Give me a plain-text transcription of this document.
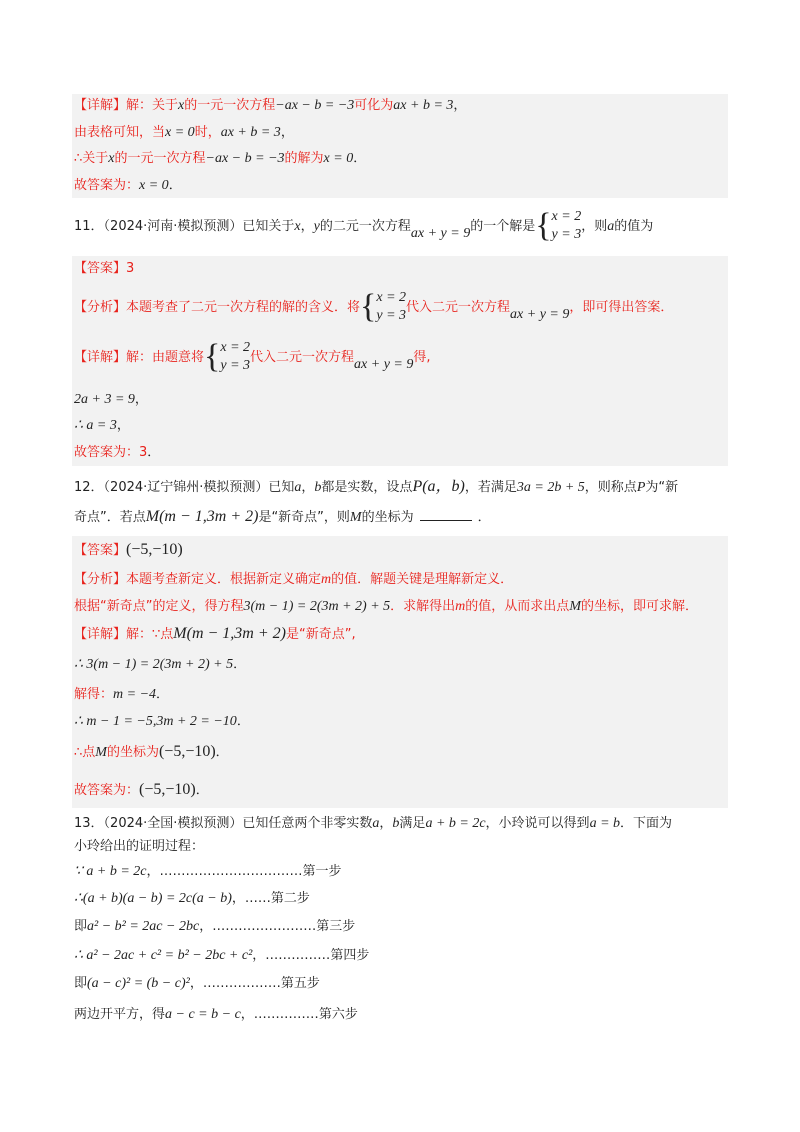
【详解】解：关于x的一元一次方程−ax − b = −3可化为ax + b = 3，
由表格可知，当x = 0时，ax + b = 3，
∴关于x的一元一次方程−ax − b = −3的解为x = 0．
故答案为：x = 0．
11．（2024·河南·模拟预测）已知关于x，y的二元一次方程ax + y = 9的一个解是{x = 2
y = 3，则a的值为
【答案】3
【分析】本题考查了二元一次方程的解的含义．将{x = 2
y = 3代入二元一次方程ax + y = 9，即可得出答案．
【详解】解：由题意将{x = 2
y = 3代入二元一次方程ax + y = 9得,
2a + 3 = 9，
∴ a = 3，
故答案为：3．
12．（2024·辽宁锦州·模拟预测）已知a，b都是实数，设点P(a，b)，若满足3a = 2b + 5，则称点P为“新
奇点”．若点M(m − 1,3m + 2)是“新奇点”，则M的坐标为	．
【答案】(−5,−10)
【分析】本题考查新定义．根据新定义确定m的值．解题关键是理解新定义．
根据“新奇点”的定义，得方程3(m − 1) = 2(3m + 2) + 5．求解得出m的值，从而求出点M的坐标，即可求解．
【详解】解：∵点M(m − 1,3m + 2)是“新奇点”,
∴ 3(m − 1) = 2(3m + 2) + 5．
解得：m = −4．
∴ m − 1 = −5,3m + 2 = −10．
∴点M的坐标为(−5,−10)．
故答案为：(−5,−10)．
13．（2024·全国·模拟预测）已知任意两个非零实数a，b满足a + b = 2c，小玲说可以得到a = b．下面为
小玲给出的证明过程：
∵ a + b = 2c，……………………………第一步
∴(a + b)(a − b) = 2c(a − b)，……第二步
即a² − b² = 2ac − 2bc，……………………第三步
∴ a² − 2ac + c² = b² − 2bc + c²，……………第四步
即(a − c)² = (b − c)²，………………第五步
两边开平方，得a − c = b − c，……………第六步
